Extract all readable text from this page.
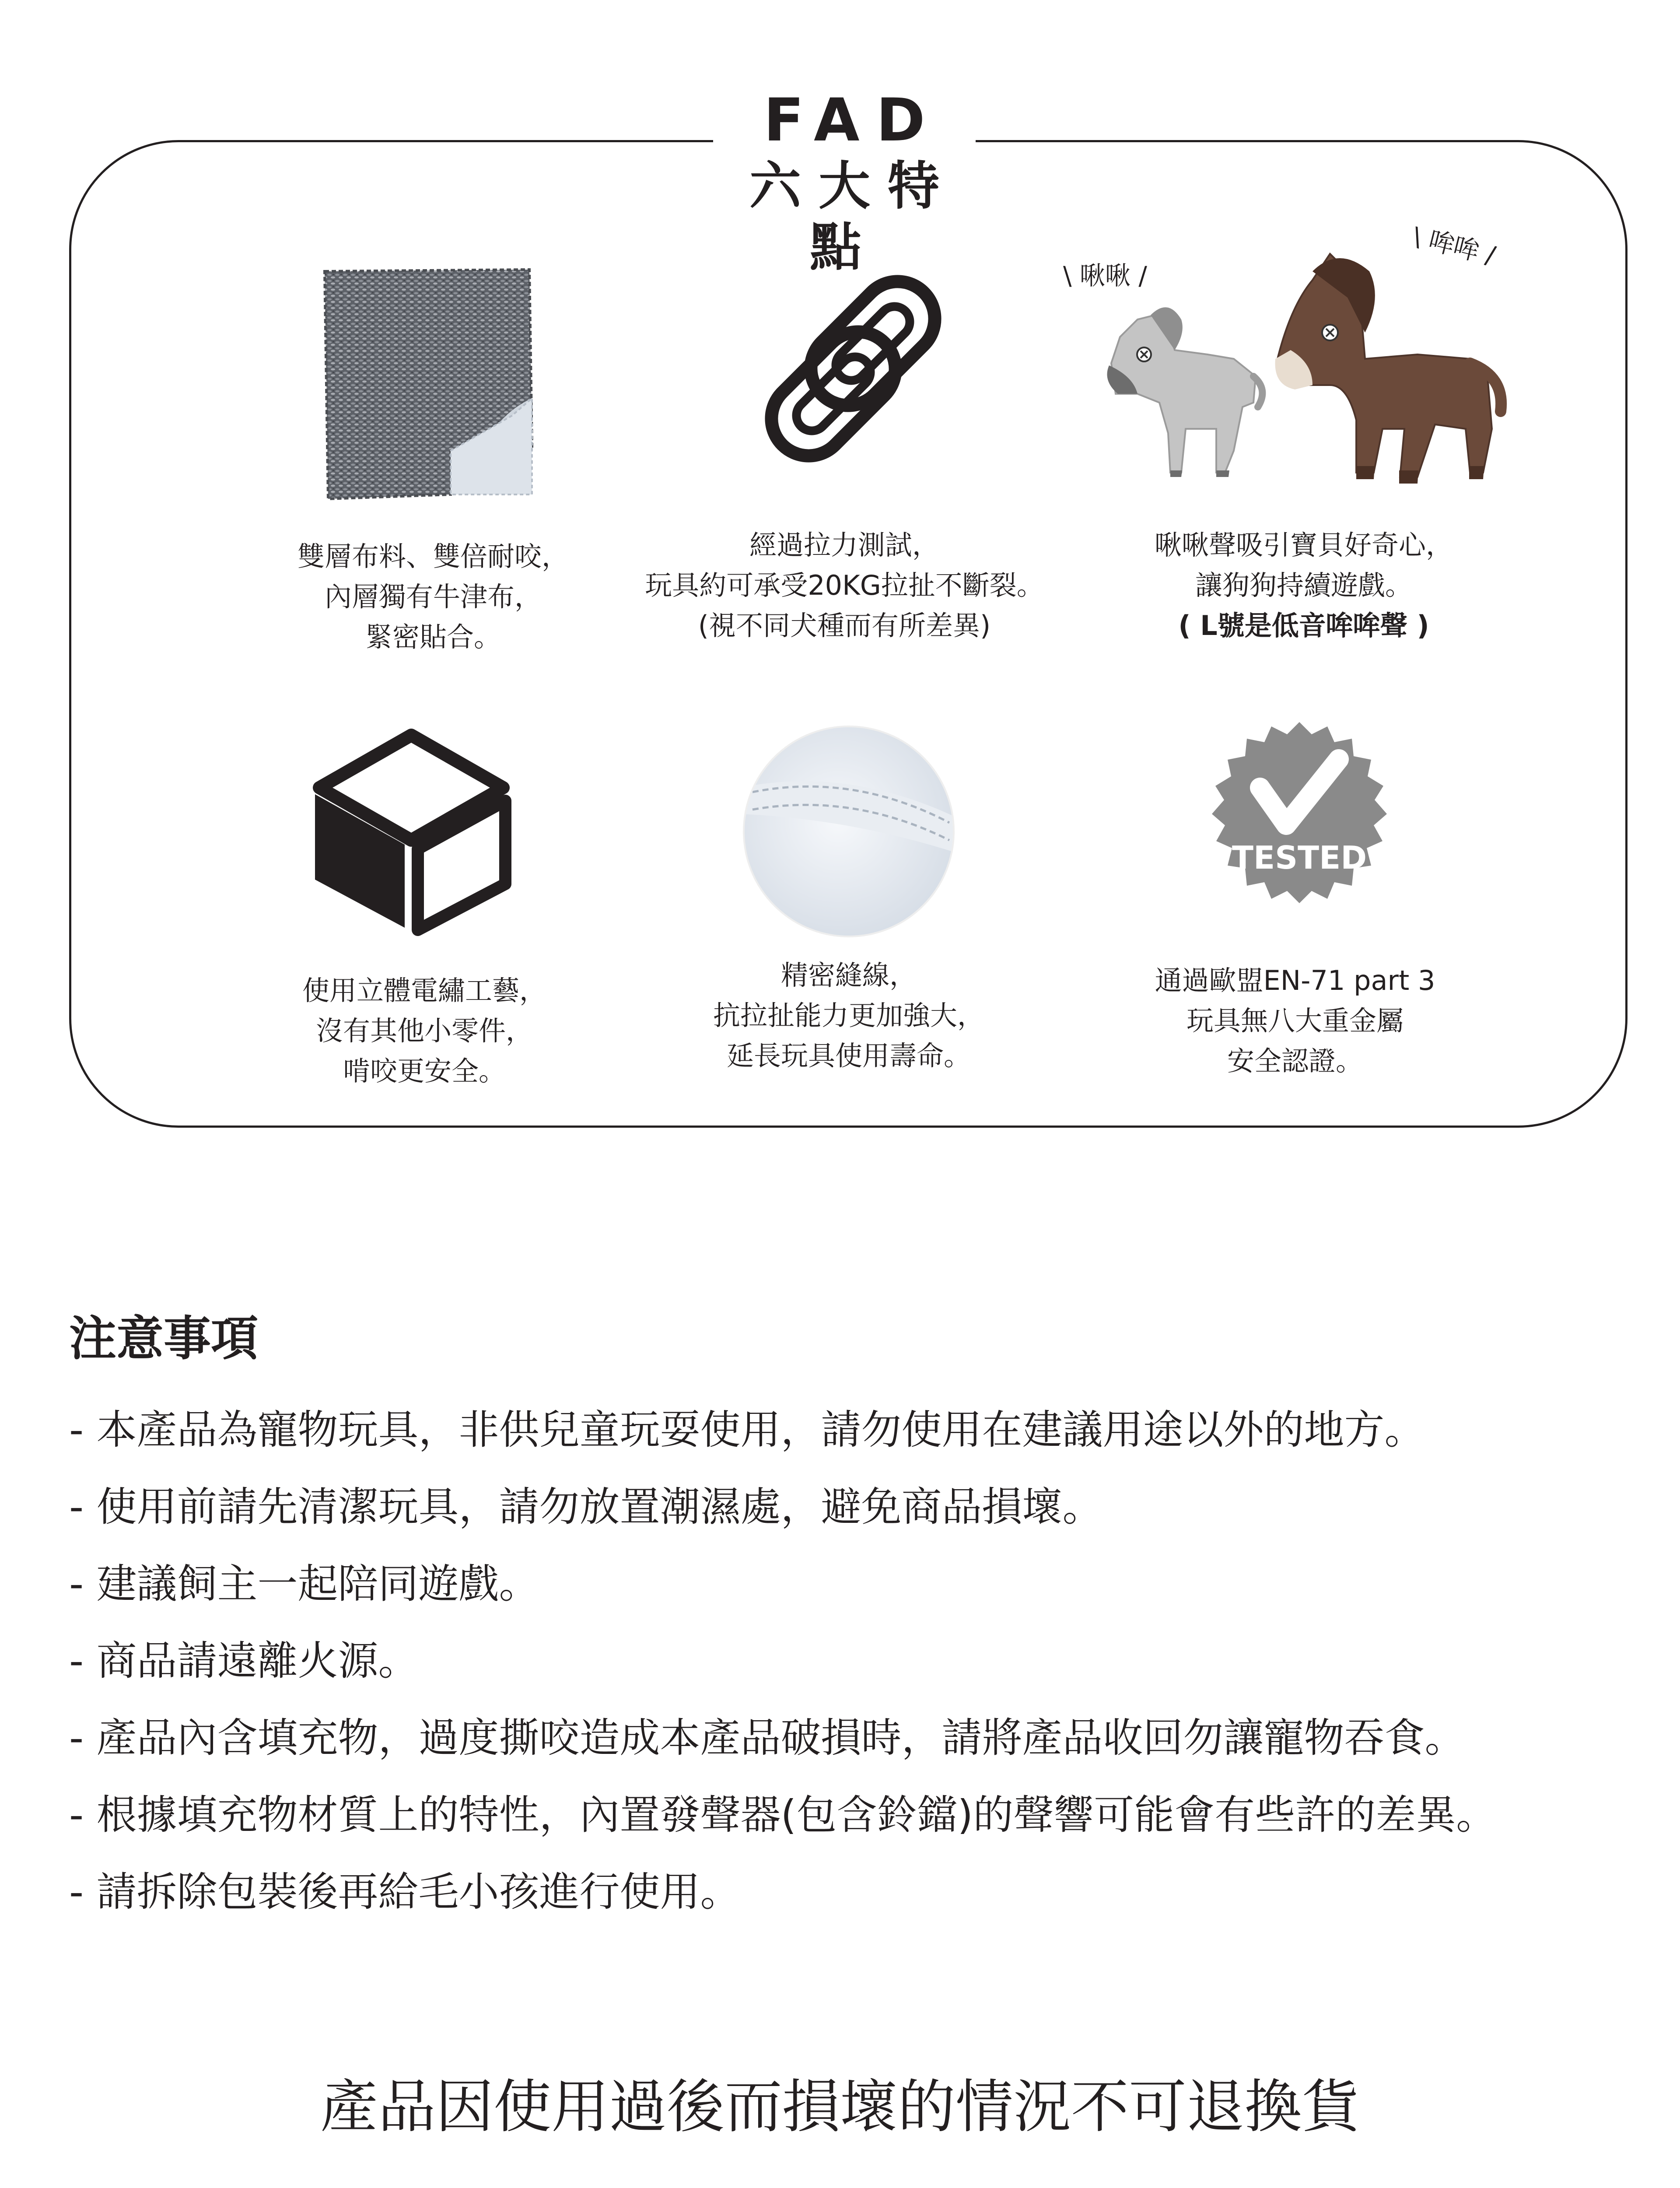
FAD
六大特點
雙層布料、雙倍耐咬，
內層獨有牛津布，
緊密貼合。
經過拉力測試，
玩具約可承受20KG拉扯不斷裂。
(視不同犬種而有所差異)
\ 啾啾 /
\ 哞哞 /
啾啾聲吸引寶貝好奇心，
讓狗狗持續遊戲。
( L號是低音哞哞聲 )
使用立體電繡工藝，
沒有其他小零件，
啃咬更安全。
精密縫線，
抗拉扯能力更加強大，
延長玩具使用壽命。
TESTED
通過歐盟EN-71 part 3
玩具無八大重金屬
安全認證。
注意事項
- 本產品為寵物玩具，非供兒童玩耍使用，請勿使用在建議用途以外的地方。
- 使用前請先清潔玩具，請勿放置潮濕處，避免商品損壞。
- 建議飼主一起陪同遊戲。
- 商品請遠離火源。
- 產品內含填充物，過度撕咬造成本產品破損時，請將產品收回勿讓寵物吞食。
- 根據填充物材質上的特性，內置發聲器(包含鈴鐺)的聲響可能會有些許的差異。
- 請拆除包裝後再給毛小孩進行使用。
產品因使用過後而損壞的情況不可退換貨
